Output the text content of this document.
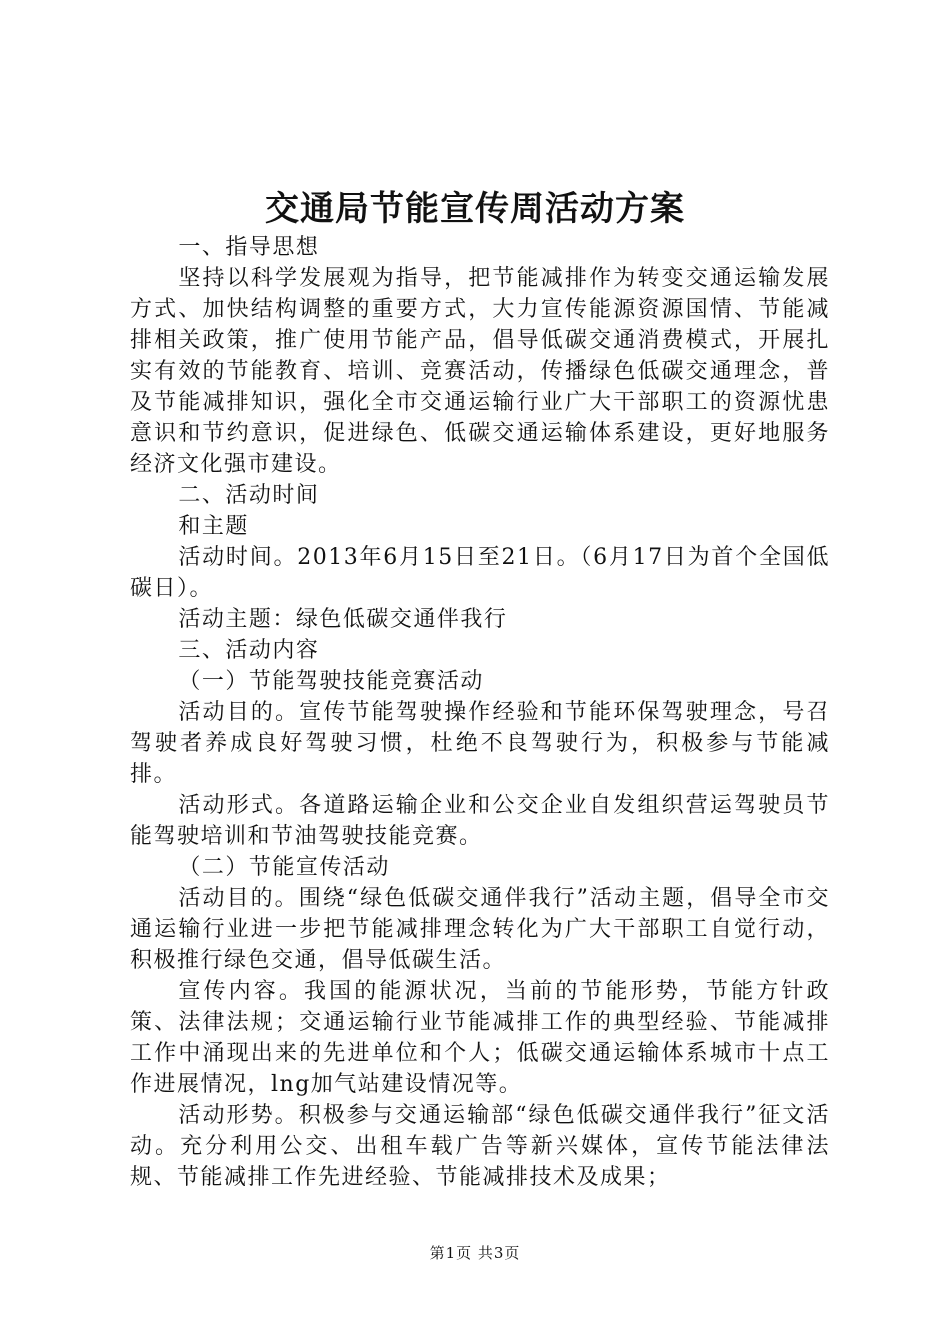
交通局节能宣传周活动方案

一、指导思想

坚持以科学发展观为指导，把节能减排作为转变交通运输发展方式、加快结构调整的重要方式，大力宣传能源资源国情、节能减排相关政策，推广使用节能产品，倡导低碳交通消费模式，开展扎实有效的节能教育、培训、竞赛活动，传播绿色低碳交通理念，普及节能减排知识，强化全市交通运输行业广大干部职工的资源忧患意识和节约意识，促进绿色、低碳交通运输体系建设，更好地服务经济文化强市建设。

二、活动时间

和主题

活动时间。2013年6月15日至21日。（6月17日为首个全国低碳日）。

活动主题：绿色低碳交通伴我行

三、活动内容

（一）节能驾驶技能竞赛活动

活动目的。宣传节能驾驶操作经验和节能环保驾驶理念，号召驾驶者养成良好驾驶习惯，杜绝不良驾驶行为，积极参与节能减排。

活动形式。各道路运输企业和公交企业自发组织营运驾驶员节能驾驶培训和节油驾驶技能竞赛。

（二）节能宣传活动

活动目的。围绕“绿色低碳交通伴我行”活动主题，倡导全市交通运输行业进一步把节能减排理念转化为广大干部职工自觉行动，积极推行绿色交通，倡导低碳生活。

宣传内容。我国的能源状况，当前的节能形势，节能方针政策、法律法规；交通运输行业节能减排工作的典型经验、节能减排工作中涌现出来的先进单位和个人；低碳交通运输体系城市十点工作进展情况，lng加气站建设情况等。

活动形势。积极参与交通运输部“绿色低碳交通伴我行”征文活动。充分利用公交、出租车载广告等新兴媒体，宣传节能法律法规、节能减排工作先进经验、节能减排技术及成果；

第1页 共3页
